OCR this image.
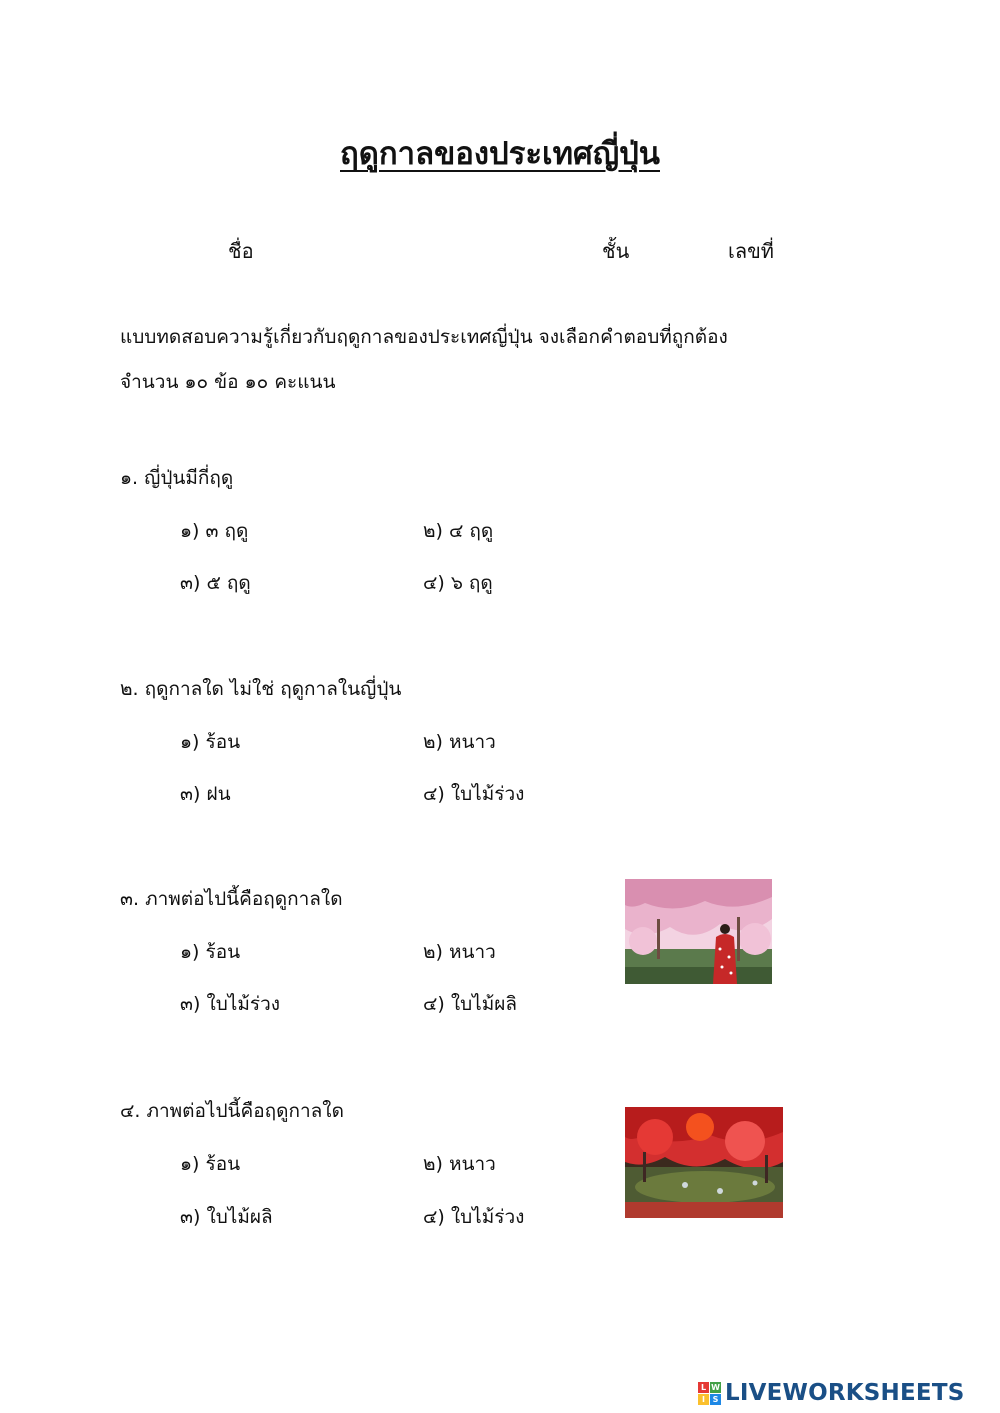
ฤดูกาลของประเทศญี่ปุ่น
ชื่อ	ชั้น	เลขที่
แบบทดสอบความรู้เกี่ยวกับฤดูกาลของประเทศญี่ปุ่น จงเลือกคำตอบที่ถูกต้อง
จำนวน ๑๐ ข้อ ๑๐ คะแนน
๑. ญี่ปุ่นมีกี่ฤดู
๑) ๓ ฤดู	๒) ๔ ฤดู
๓) ๕ ฤดู	๔) ๖ ฤดู
๒. ฤดูกาลใด ไม่ใช่ ฤดูกาลในญี่ปุ่น
๑) ร้อน	๒) หนาว
๓) ฝน	๔) ใบไม้ร่วง
๓. ภาพต่อไปนี้คือฤดูกาลใด
๑) ร้อน	๒) หนาว
๓) ใบไม้ร่วง	๔) ใบไม้ผลิ
๔. ภาพต่อไปนี้คือฤดูกาลใด
๑) ร้อน	๒) หนาว
๓) ใบไม้ผลิ	๔) ใบไม้ร่วง
L W
I S LIVEWORKSHEETS
